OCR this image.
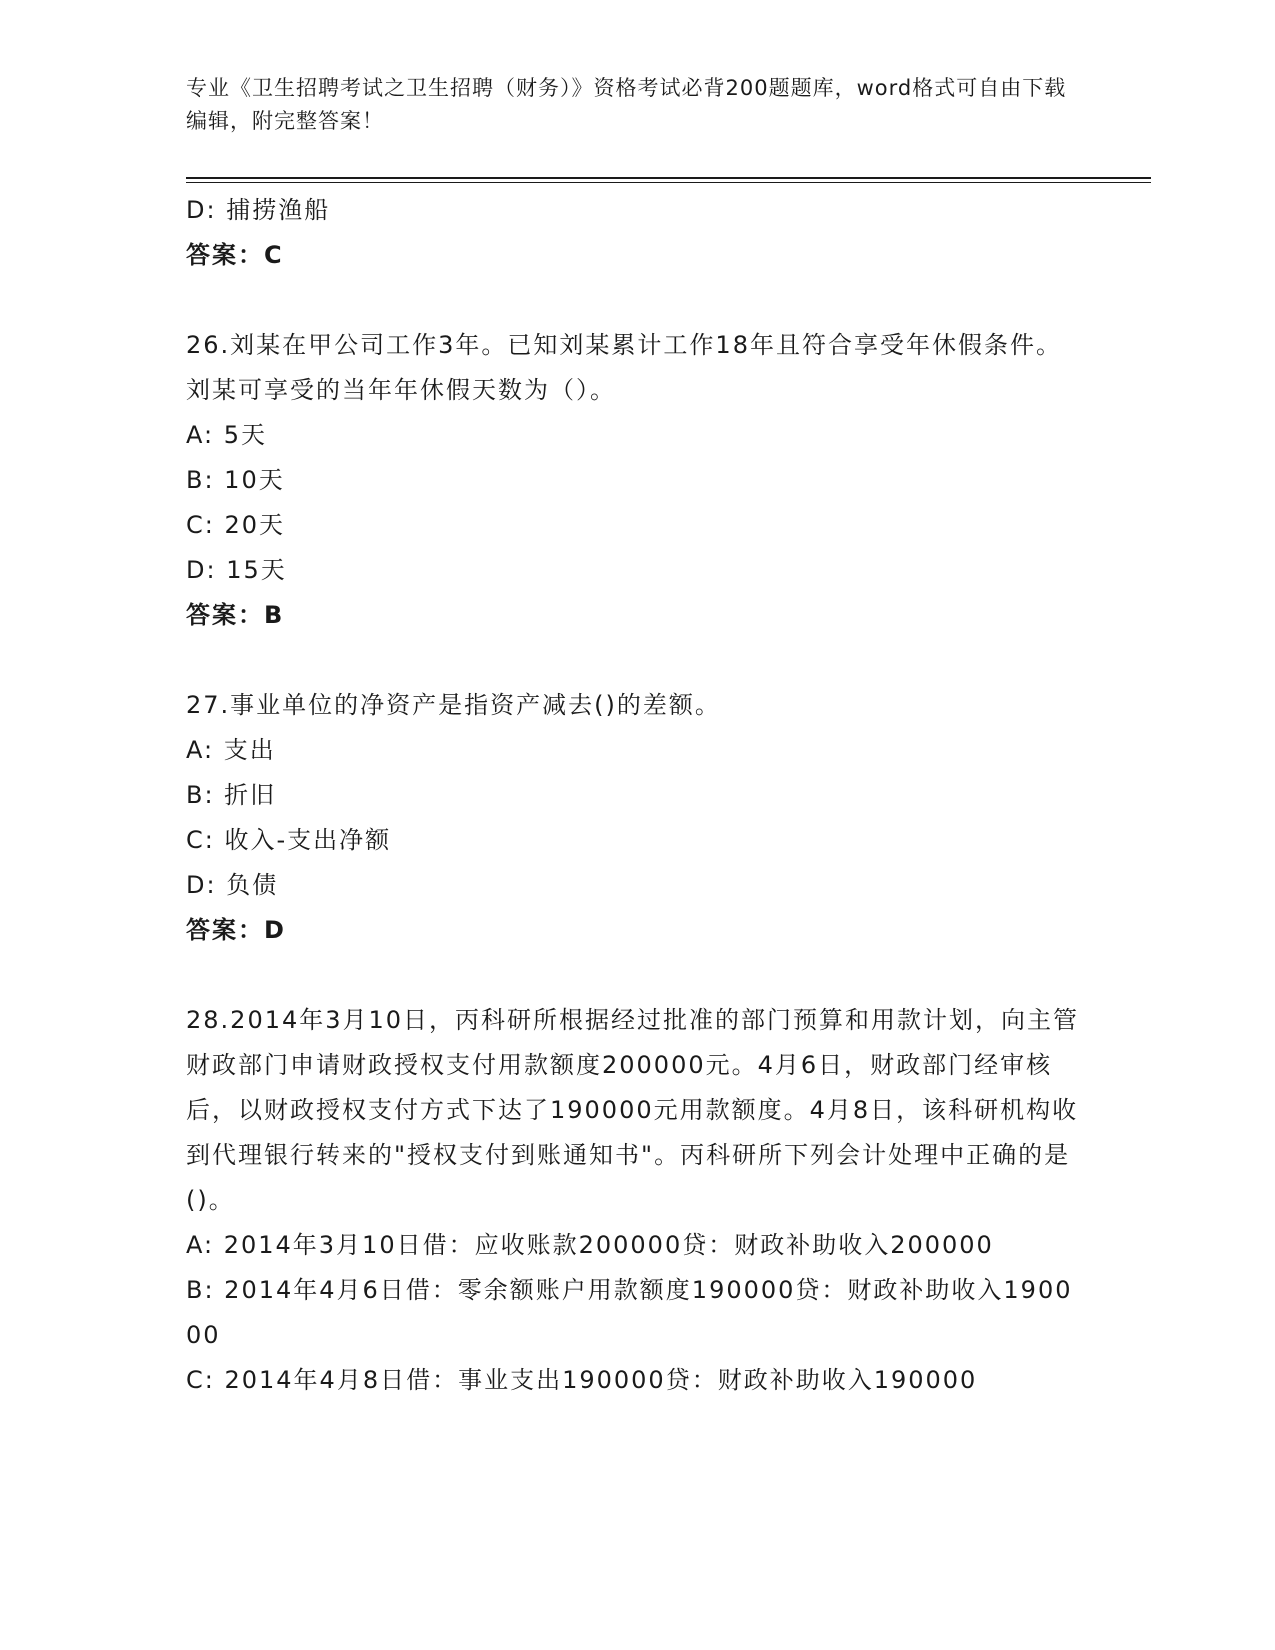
专业《卫生招聘考试之卫生招聘（财务）》资格考试必背200题题库，word格式可自由下载编辑，附完整答案！
D: 捕捞渔船
答案：C
26.刘某在甲公司工作3年。已知刘某累计工作18年且符合享受年休假条件。刘某可享受的当年年休假天数为（）。
A: 5天
B: 10天
C: 20天
D: 15天
答案：B
27.事业单位的净资产是指资产减去()的差额。
A: 支出
B: 折旧
C: 收入-支出净额
D: 负债
答案：D
28.2014年3月10日，丙科研所根据经过批准的部门预算和用款计划，向主管财政部门申请财政授权支付用款额度200000元。4月6日，财政部门经审核后，以财政授权支付方式下达了190000元用款额度。4月8日，该科研机构收到代理银行转来的"授权支付到账通知书"。丙科研所下列会计处理中正确的是()。
A: 2014年3月10日借：应收账款200000贷：财政补助收入200000
B: 2014年4月6日借：零余额账户用款额度190000贷：财政补助收入190000
C: 2014年4月8日借：事业支出190000贷：财政补助收入190000
